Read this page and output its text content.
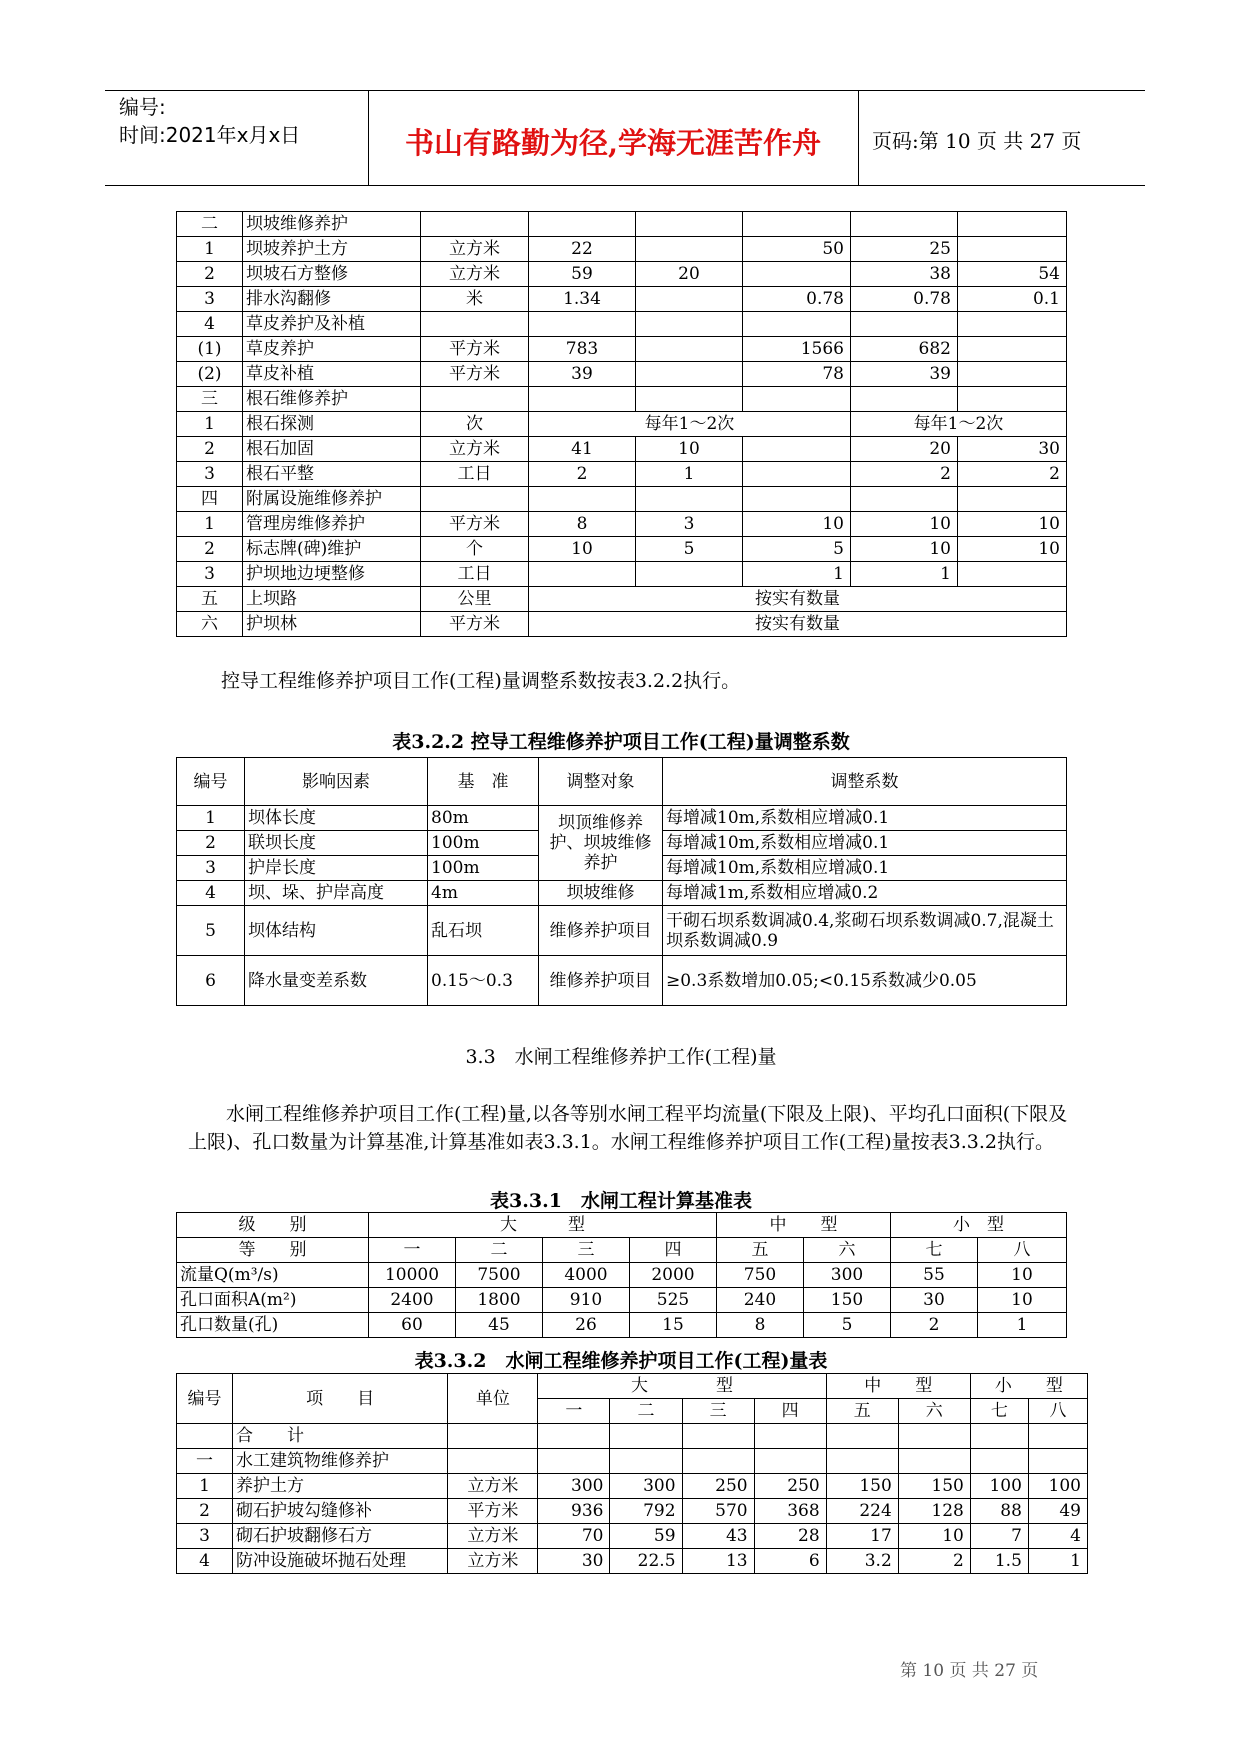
编号:
时间:2021年x月x日	书山有路勤为径,学海无涯苦作舟	页码:第 10 页 共 27 页
二	坝坡维修养护						
1	坝坡养护土方	立方米	22		50	25	
2	坝坡石方整修	立方米	59	20		38	54
3	排水沟翻修	米	1.34		0.78	0.78	0.1
4	草皮养护及补植						
(1)	草皮养护	平方米	783		1566	682	
(2)	草皮补植	平方米	39		78	39	
三	根石维修养护						
1	根石探测	次	每年1～2次			每年1～2次	
2	根石加固	立方米	41	10		20	30
3	根石平整	工日	2	1		2	2
四	附属设施维修养护						
1	管理房维修养护	平方米	8	3	10	10	10
2	标志牌(碑)维护	个	10	5	5	10	10
3	护坝地边埂整修	工日			1	1	
五	上坝路	公里	按实有数量				
六	护坝林	平方米	按实有数量				
控导工程维修养护项目工作(工程)量调整系数按表3.2.2执行。
表3.2.2 控导工程维修养护项目工作(工程)量调整系数
编号	影响因素	基　准	调整对象	调整系数
1	坝体长度	80m	坝顶维修养护、坝坡维修养护	每增减10m,系数相应增减0.1
2	联坝长度	100m		每增减10m,系数相应增减0.1
3	护岸长度	100m		每增减10m,系数相应增减0.1
4	坝、垛、护岸高度	4m	坝坡维修	每增减1m,系数相应增减0.2
5	坝体结构	乱石坝	维修养护项目	干砌石坝系数调减0.4,浆砌石坝系数调减0.7,混凝土坝系数调减0.9
6	降水量变差系数	0.15～0.3	维修养护项目	≥0.3系数增加0.05;<0.15系数减少0.05
3.3　水闸工程维修养护工作(工程)量
水闸工程维修养护项目工作(工程)量,以各等别水闸工程平均流量(下限及上限)、平均孔口面积(下限及上限)、孔口数量为计算基准,计算基准如表3.3.1。水闸工程维修养护项目工作(工程)量按表3.3.2执行。
表3.3.1　水闸工程计算基准表
级　　别	大　　　型				中　　型		小　型	
等　　别	一	二	三	四	五	六	七	八
流量Q(m³/s)	10000	7500	4000	2000	750	300	55	10
孔口面积A(m²)	2400	1800	910	525	240	150	30	10
孔口数量(孔)	60	45	26	15	8	5	2	1
表3.3.2　水闸工程维修养护项目工作(工程)量表
编号	项　　目	单位	大　　　　型				中　　型		小　　型	
			一	二	三	四	五	六	七	八
	合　　计									
一	水工建筑物维修养护									
1	养护土方	立方米	300	300	250	250	150	150	100	100
2	砌石护坡勾缝修补	平方米	936	792	570	368	224	128	88	49
3	砌石护坡翻修石方	立方米	70	59	43	28	17	10	7	4
4	防冲设施破坏抛石处理	立方米	30	22.5	13	6	3.2	2	1.5	1
第 10 页 共 27 页
